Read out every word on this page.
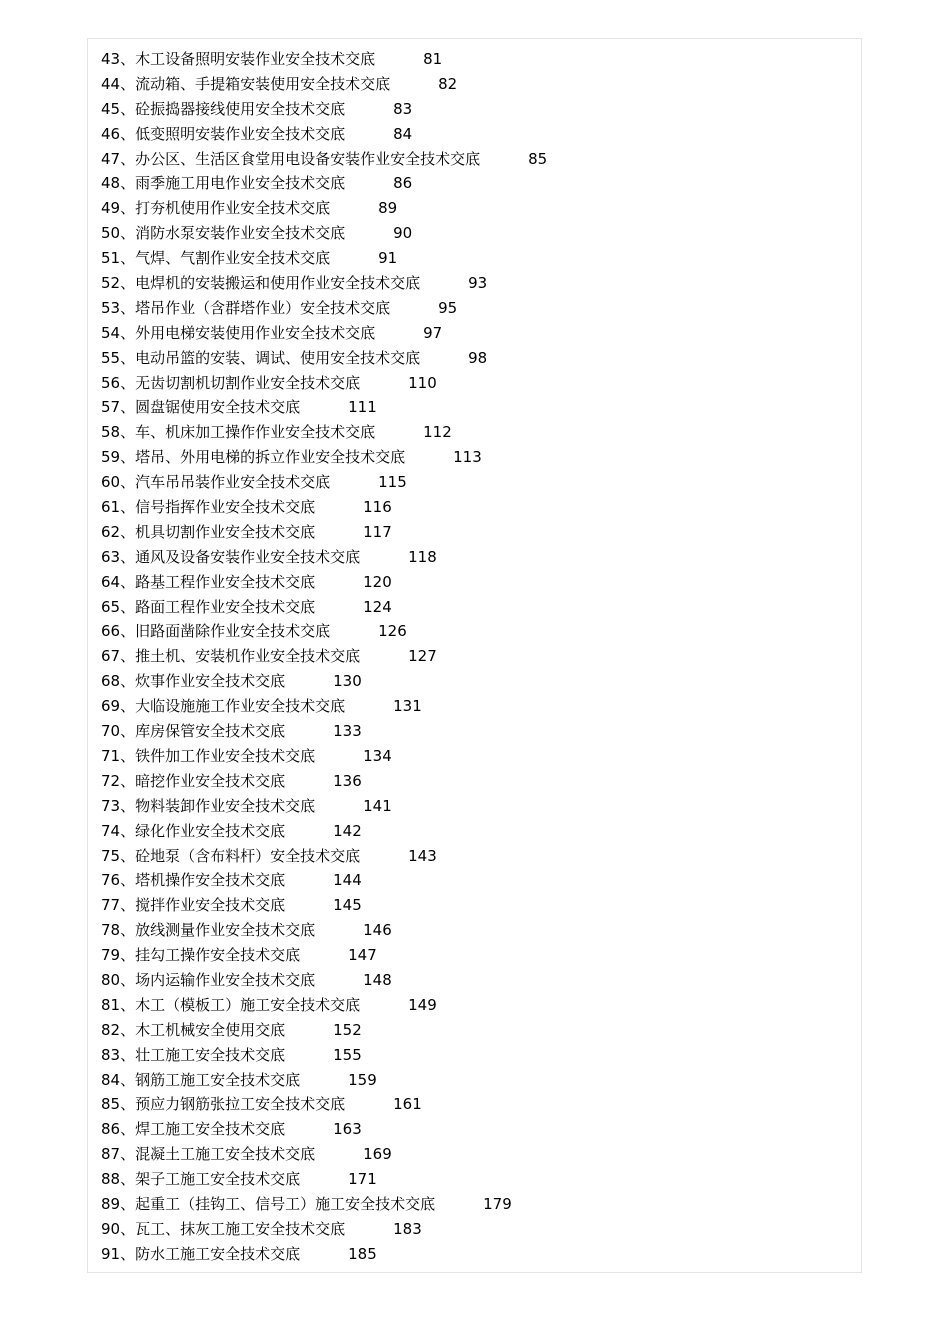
43、木工设备照明安装作业安全技术交底	81
44、流动箱、手提箱安装使用安全技术交底	82
45、砼振捣器接线使用安全技术交底	83
46、低变照明安装作业安全技术交底	84
47、办公区、生活区食堂用电设备安装作业安全技术交底	85
48、雨季施工用电作业安全技术交底	86
49、打夯机使用作业安全技术交底	89
50、消防水泵安装作业安全技术交底	90
51、气焊、气割作业安全技术交底	91
52、电焊机的安装搬运和使用作业安全技术交底	93
53、塔吊作业（含群塔作业）安全技术交底	95
54、外用电梯安装使用作业安全技术交底	97
55、电动吊篮的安装、调试、使用安全技术交底	98
56、无齿切割机切割作业安全技术交底	110
57、圆盘锯使用安全技术交底	111
58、车、机床加工操作作业安全技术交底	112
59、塔吊、外用电梯的拆立作业安全技术交底	113
60、汽车吊吊装作业安全技术交底	115
61、信号指挥作业安全技术交底	116
62、机具切割作业安全技术交底	117
63、通风及设备安装作业安全技术交底	118
64、路基工程作业安全技术交底	120
65、路面工程作业安全技术交底	124
66、旧路面凿除作业安全技术交底	126
67、推土机、安装机作业安全技术交底	127
68、炊事作业安全技术交底	130
69、大临设施施工作业安全技术交底	131
70、库房保管安全技术交底	133
71、铁件加工作业安全技术交底	134
72、暗挖作业安全技术交底	136
73、物料装卸作业安全技术交底	141
74、绿化作业安全技术交底	142
75、砼地泵（含布料杆）安全技术交底	143
76、塔机操作安全技术交底	144
77、搅拌作业安全技术交底	145
78、放线测量作业安全技术交底	146
79、挂勾工操作安全技术交底	147
80、场内运输作业安全技术交底	148
81、木工（模板工）施工安全技术交底	149
82、木工机械安全使用交底	152
83、壮工施工安全技术交底	155
84、钢筋工施工安全技术交底	159
85、预应力钢筋张拉工安全技术交底	161
86、焊工施工安全技术交底	163
87、混凝土工施工安全技术交底	169
88、架子工施工安全技术交底	171
89、起重工（挂钩工、信号工）施工安全技术交底	179
90、瓦工、抹灰工施工安全技术交底	183
91、防水工施工安全技术交底	185
